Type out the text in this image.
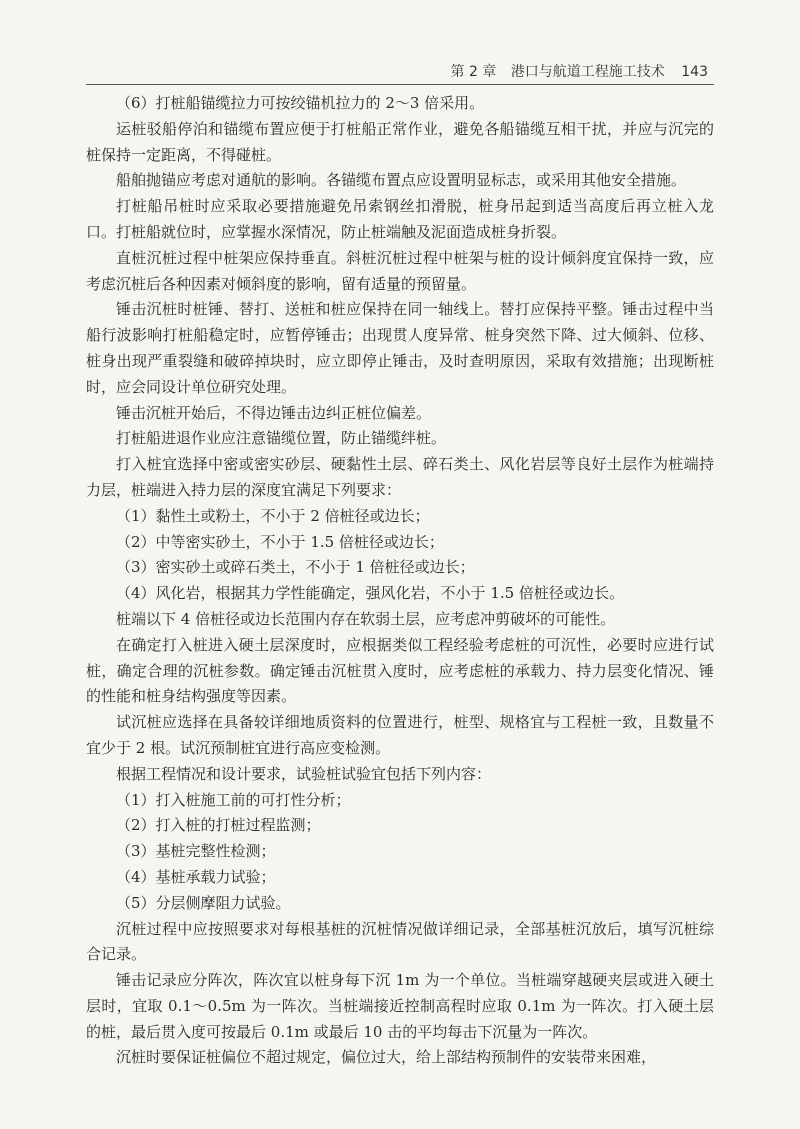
第 2 章 港口与航道工程施工技术 143

（6）打桩船锚缆拉力可按绞锚机拉力的 2～3 倍采用。

运桩驳船停泊和锚缆布置应便于打桩船正常作业，避免各船锚缆互相干扰，并应与沉完的桩保持一定距离，不得碰桩。

船舶抛锚应考虑对通航的影响。各锚缆布置点应设置明显标志，或采用其他安全措施。

打桩船吊桩时应采取必要措施避免吊索钢丝扣滑脱，桩身吊起到适当高度后再立桩入龙口。打桩船就位时，应掌握水深情况，防止桩端触及泥面造成桩身折裂。

直桩沉桩过程中桩架应保持垂直。斜桩沉桩过程中桩架与桩的设计倾斜度宜保持一致，应考虑沉桩后各种因素对倾斜度的影响，留有适量的预留量。

锤击沉桩时桩锤、替打、送桩和桩应保持在同一轴线上。替打应保持平整。锤击过程中当船行波影响打桩船稳定时，应暂停锤击；出现贯人度异常、桩身突然下降、过大倾斜、位移、桩身出现严重裂缝和破碎掉块时，应立即停止锤击，及时查明原因，采取有效措施；出现断桩时，应会同设计单位研究处理。

锤击沉桩开始后，不得边锤击边纠正桩位偏差。

打桩船进退作业应注意锚缆位置，防止锚缆绊桩。

打入桩宜选择中密或密实砂层、硬黏性土层、碎石类土、风化岩层等良好土层作为桩端持力层，桩端进入持力层的深度宜满足下列要求：

（1）黏性土或粉土，不小于 2 倍桩径或边长；

（2）中等密实砂土，不小于 1.5 倍桩径或边长；

（3）密实砂土或碎石类土，不小于 1 倍桩径或边长；

（4）风化岩，根据其力学性能确定，强风化岩，不小于 1.5 倍桩径或边长。

桩端以下 4 倍桩径或边长范围内存在软弱土层，应考虑冲剪破坏的可能性。

在确定打入桩进入硬土层深度时，应根据类似工程经验考虑桩的可沉性，必要时应进行试桩，确定合理的沉桩参数。确定锤击沉桩贯入度时，应考虑桩的承载力、持力层变化情况、锤的性能和桩身结构强度等因素。

试沉桩应选择在具备较详细地质资料的位置进行，桩型、规格宜与工程桩一致，且数量不宜少于 2 根。试沉预制桩宜进行高应变检测。

根据工程情况和设计要求，试验桩试验宜包括下列内容：

（1）打入桩施工前的可打性分析；

（2）打入桩的打桩过程监测；

（3）基桩完整性检测；

（4）基桩承载力试验；

（5）分层侧摩阻力试验。

沉桩过程中应按照要求对每根基桩的沉桩情况做详细记录，全部基桩沉放后，填写沉桩综合记录。

锤击记录应分阵次，阵次宜以桩身每下沉 1m 为一个单位。当桩端穿越硬夹层或进入硬土层时，宜取 0.1～0.5m 为一阵次。当桩端接近控制高程时应取 0.1m 为一阵次。打入硬土层的桩，最后贯入度可按最后 0.1m 或最后 10 击的平均每击下沉量为一阵次。

沉桩时要保证桩偏位不超过规定，偏位过大，给上部结构预制件的安装带来困难，
